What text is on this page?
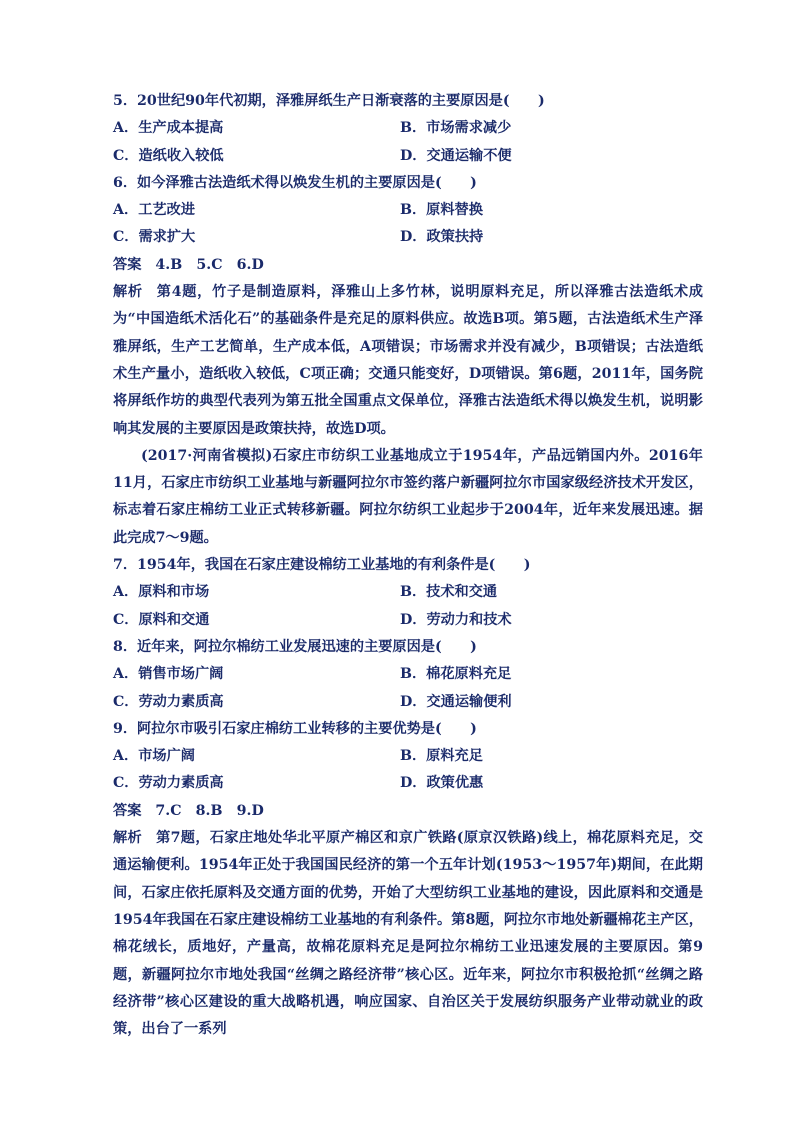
5．20世纪90年代初期，泽雅屏纸生产日渐衰落的主要原因是(　　)
A．生产成本提高	B．市场需求减少
C．造纸收入较低	D．交通运输不便
6．如今泽雅古法造纸术得以焕发生机的主要原因是(　　)
A．工艺改进	B．原料替换
C．需求扩大	D．政策扶持
答案 4.B　5.C　6.D
解析 第4题，竹子是制造原料，泽雅山上多竹林，说明原料充足，所以泽雅古法造纸术成为“中国造纸术活化石”的基础条件是充足的原料供应。故选B项。第5题，古法造纸术生产泽雅屏纸，生产工艺简单，生产成本低，A项错误；市场需求并没有减少，B项错误；古法造纸术生产量小，造纸收入较低，C项正确；交通只能变好，D项错误。第6题，2011年，国务院将屏纸作坊的典型代表列为第五批全国重点文保单位，泽雅古法造纸术得以焕发生机，说明影响其发展的主要原因是政策扶持，故选D项。
(2017·河南省模拟)石家庄市纺织工业基地成立于1954年，产品远销国内外。2016年11月，石家庄市纺织工业基地与新疆阿拉尔市签约落户新疆阿拉尔市国家级经济技术开发区，标志着石家庄棉纺工业正式转移新疆。阿拉尔纺织工业起步于2004年，近年来发展迅速。据此完成7～9题。
7．1954年，我国在石家庄建设棉纺工业基地的有利条件是(　　)
A．原料和市场	B．技术和交通
C．原料和交通	D．劳动力和技术
8．近年来，阿拉尔棉纺工业发展迅速的主要原因是(　　)
A．销售市场广阔	B．棉花原料充足
C．劳动力素质高	D．交通运输便利
9．阿拉尔市吸引石家庄棉纺工业转移的主要优势是(　　)
A．市场广阔	B．原料充足
C．劳动力素质高	D．政策优惠
答案 7.C　8.B　9.D
解析 第7题，石家庄地处华北平原产棉区和京广铁路(原京汉铁路)线上，棉花原料充足，交通运输便利。1954年正处于我国国民经济的第一个五年计划(1953～1957年)期间，在此期间，石家庄依托原料及交通方面的优势，开始了大型纺织工业基地的建设，因此原料和交通是1954年我国在石家庄建设棉纺工业基地的有利条件。第8题，阿拉尔市地处新疆棉花主产区，棉花绒长，质地好，产量高，故棉花原料充足是阿拉尔棉纺工业迅速发展的主要原因。第9题，新疆阿拉尔市地处我国“丝绸之路经济带”核心区。近年来，阿拉尔市积极抢抓“丝绸之路经济带”核心区建设的重大战略机遇，响应国家、自治区关于发展纺织服务产业带动就业的政策，出台了一系列
